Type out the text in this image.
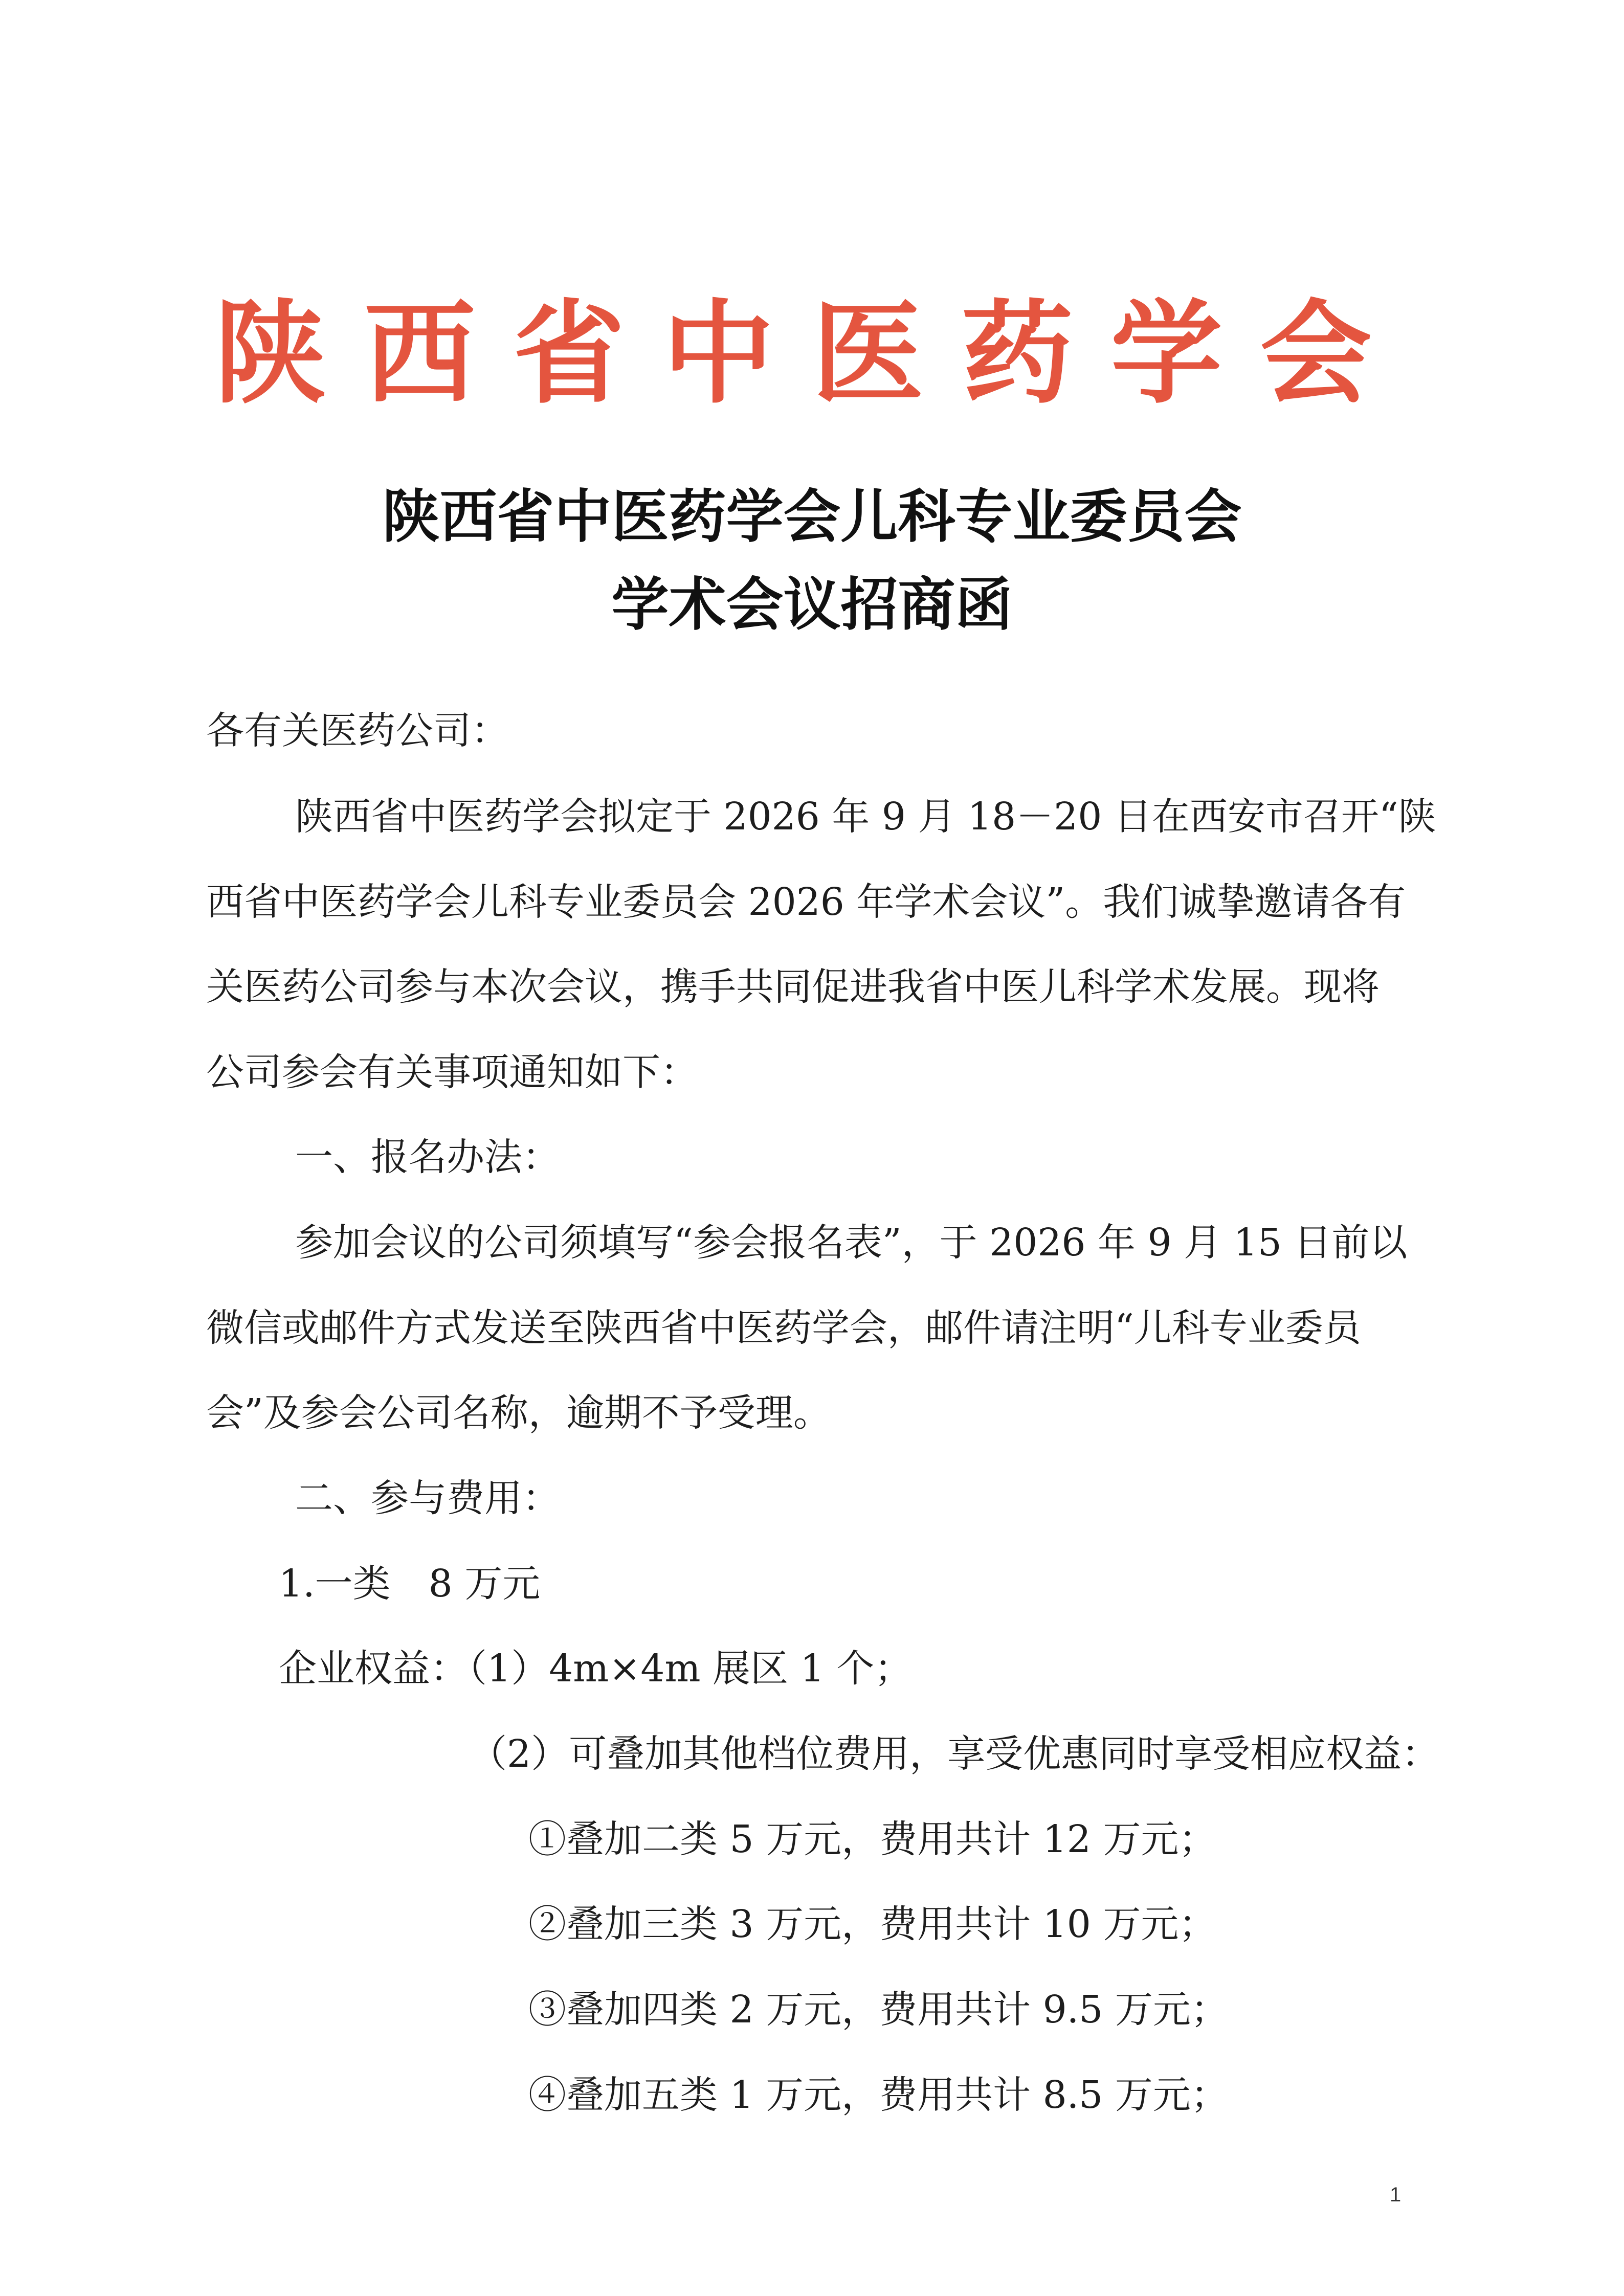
陕西省中医药学会
陕西省中医药学会儿科专业委员会
学术会议招商函
各有关医药公司：
陕西省中医药学会拟定于 2026 年 9 月 18－20 日在西安市召开“陕
西省中医药学会儿科专业委员会 2026 年学术会议”。我们诚挚邀请各有
关医药公司参与本次会议，携手共同促进我省中医儿科学术发展。现将
公司参会有关事项通知如下：
一、报名办法：
参加会议的公司须填写“参会报名表”，于 2026 年 9 月 15 日前以
微信或邮件方式发送至陕西省中医药学会，邮件请注明“儿科专业委员
会”及参会公司名称，逾期不予受理。
二、参与费用：
1.一类　8 万元
企业权益：（1）4m×4m 展区 1 个；
（2）可叠加其他档位费用，享受优惠同时享受相应权益：
①叠加二类 5 万元，费用共计 12 万元；
②叠加三类 3 万元，费用共计 10 万元；
③叠加四类 2 万元，费用共计 9.5 万元；
④叠加五类 1 万元，费用共计 8.5 万元；
1
